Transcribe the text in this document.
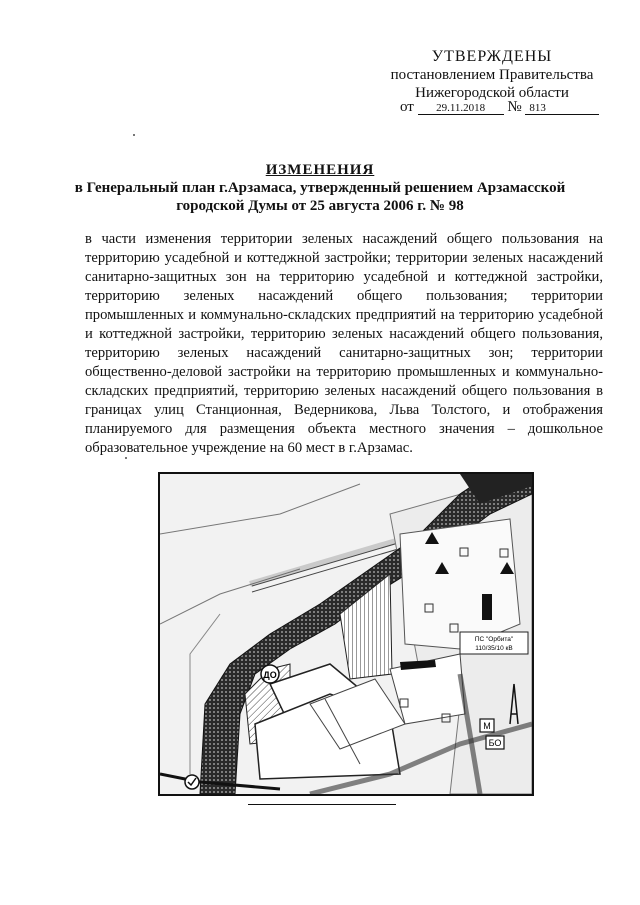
УТВЕРЖДЕНЫ
постановлением Правительства
Нижегородской области
от 29.11.2018 № 813
ИЗМЕНЕНИЯ
в Генеральный план г.Арзамаса, утвержденный решением Арзамасской городской Думы от 25 августа 2006 г. № 98
в части изменения территории зеленых насаждений общего пользования на территорию усадебной и коттеджной застройки; территории зеленых насаждений санитарно-защитных зон на территорию усадебной и коттеджной застройки, территорию зеленых насаждений общего пользования; территории промышленных и коммунально-складских предприятий на территорию усадебной и коттеджной застройки, территорию зеленых насаждений общего пользования, территорию зеленых насаждений санитарно-защитных зон; территории общественно-деловой застройки на территорию промышленных и коммунально-складских предприятий, территорию зеленых насаждений общего пользования в границах улиц Станционная, Ведерникова, Льва Толстого, и отображения планируемого для размещения объекта местного значения – дошкольное образовательное учреждение на 60 мест в г.Арзамас.
ПС "Орбита"
110/35/10 кВ
М
БО
ДО
